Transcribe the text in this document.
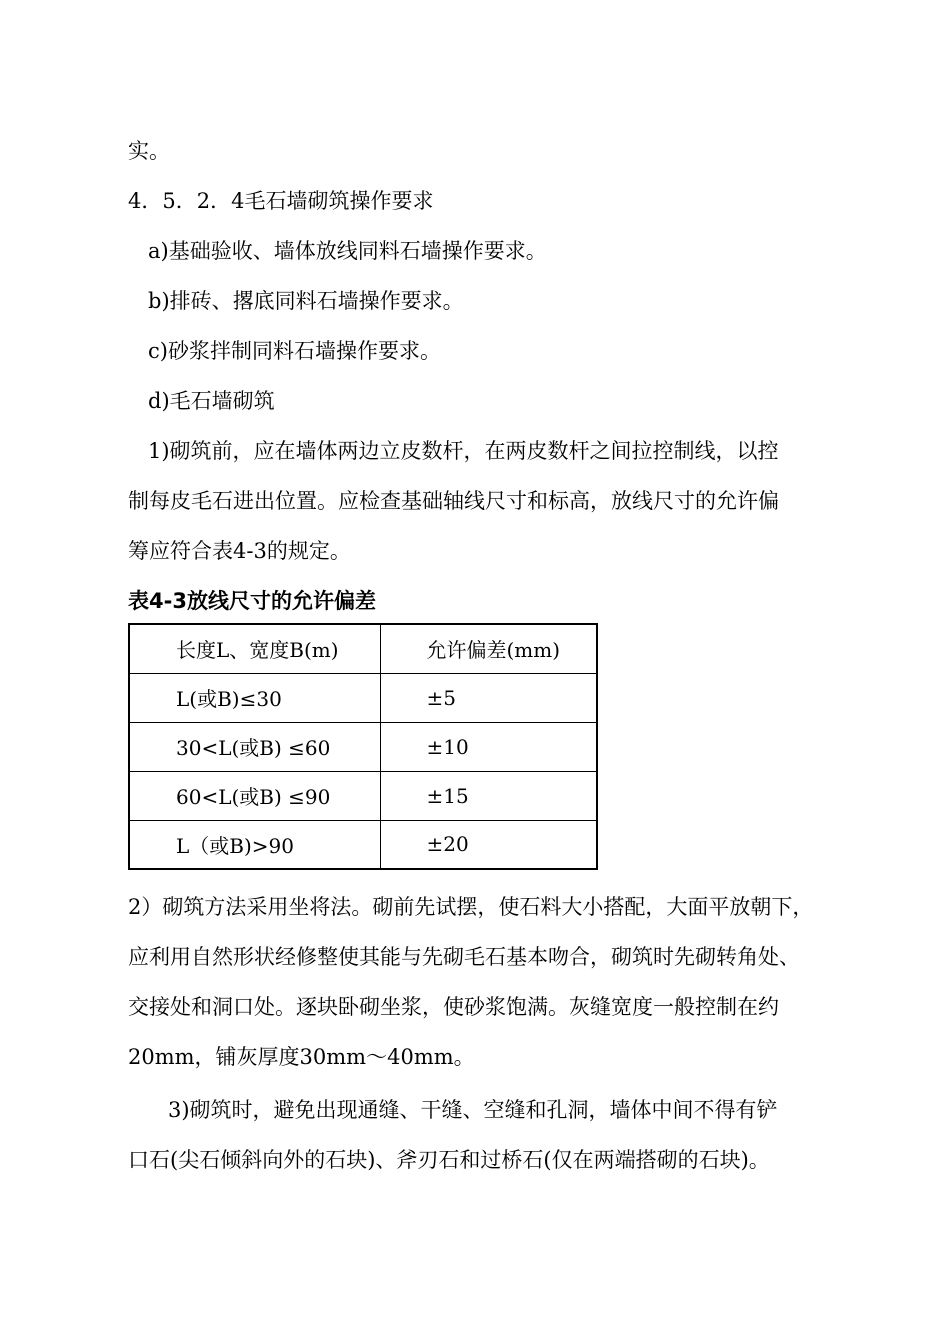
实。
4．5．2．4毛石墙砌筑操作要求
a)基础验收、墙体放线同料石墙操作要求。
b)排砖、撂底同料石墙操作要求。
c)砂浆拌制同料石墙操作要求。
d)毛石墙砌筑
1)砌筑前，应在墙体两边立皮数杆，在两皮数杆之间拉控制线，以控
制每皮毛石进出位置。应检查基础轴线尺寸和标高，放线尺寸的允许偏
筹应符合表4-3的规定。
表4-3放线尺寸的允许偏差
长度L、宽度B(m)	允许偏差(mm)
L(或B)≤30	±5
30<L(或B) ≤60	±10
60<L(或B) ≤90	±15
L（或B)>90	±20
2）砌筑方法采用坐将法。砌前先试摆，使石料大小搭配，大面平放朝下，
应利用自然形状经修整使其能与先砌毛石基本吻合，砌筑时先砌转角处、
交接处和洞口处。逐块卧砌坐浆，使砂浆饱满。灰缝宽度一般控制在约
20mm，铺灰厚度30mm～40mm。
3)砌筑时，避免出现通缝、干缝、空缝和孔洞，墙体中间不得有铲
口石(尖石倾斜向外的石块)、斧刃石和过桥石(仅在两端搭砌的石块)。
